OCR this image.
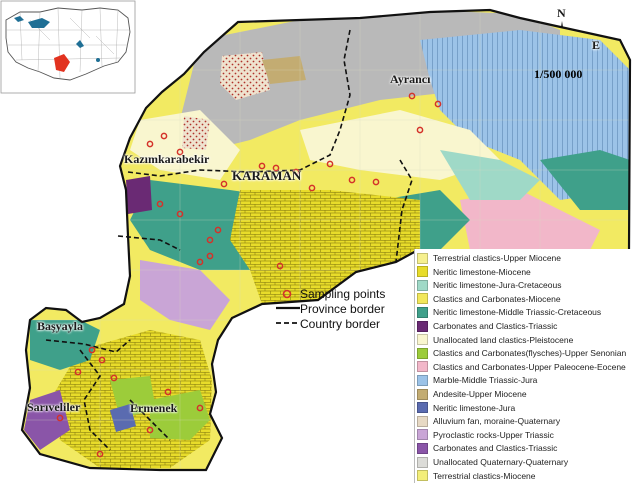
N
E
1/500 000
Ayrancı
Kazımkarabekir
KARAMAN
Başyayla
Sarıveliler	Ermenek
Sampling points
Province border
Country border
Terrestrial clastics-Upper Miocene
Neritic limestone-Miocene
Neritic limestone-Jura-Cretaceous
Clastics and Carbonates-Miocene
Neritic limestone-Middle Triassic-Cretaceous
Carbonates and Clastics-Triassic
Unallocated land clastics-Pleistocene
Clastics and Carbonates(flysches)-Upper Senonian
Clastics and Carbonates-Upper Paleocene-Eocene
Marble-Middle Triassic-Jura
Andesite-Upper Miocene
Neritic limestone-Jura
Alluvium fan, moraine-Quaternary
Pyroclastic rocks-Upper Triassic
Carbonates and Clastics-Triassic
Unallocated Quaternary-Quaternary
Terrestrial clastics-Miocene
